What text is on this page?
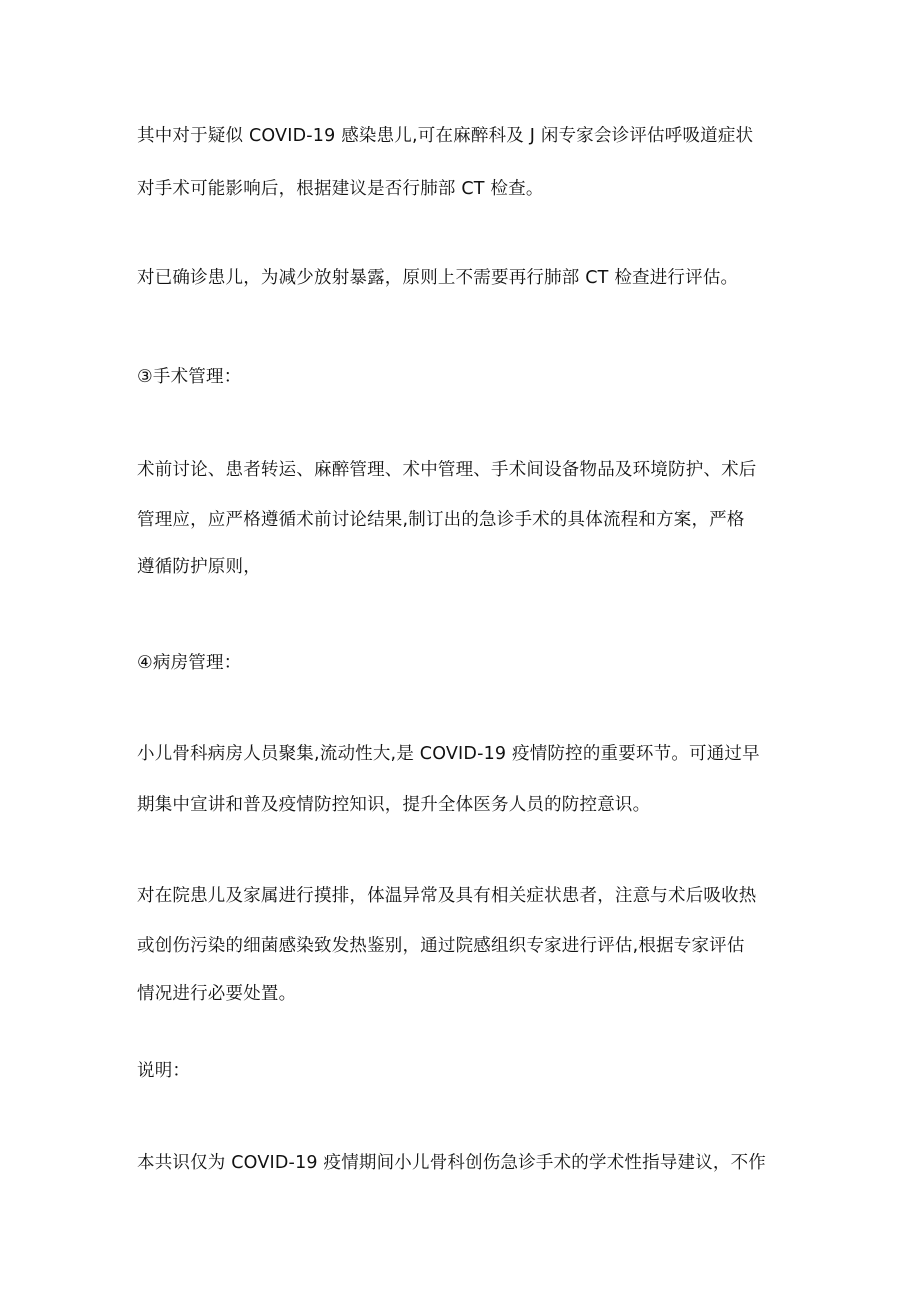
其中对于疑似 COVID-19 感染患儿,可在麻醉科及 J 闲专家会诊评估呼吸道症状
对手术可能影响后，根据建议是否行肺部 CT 检查。
对已确诊患儿，为减少放射暴露，原则上不需要再行肺部 CT 检查进行评估。
③手术管理：
术前讨论、患者转运、麻醉管理、术中管理、手术间设备物品及环境防护、术后
管理应，应严格遵循术前讨论结果,制订出的急诊手术的具体流程和方案，严格
遵循防护原则，
④病房管理：
小儿骨科病房人员聚集,流动性大,是 COVID-19 疫情防控的重要环节。可通过早
期集中宣讲和普及疫情防控知识，提升全体医务人员的防控意识。
对在院患儿及家属进行摸排，体温异常及具有相关症状患者，注意与术后吸收热
或创伤污染的细菌感染致发热鉴别，通过院感组织专家进行评估,根据专家评估
情况进行必要处置。
说明：
本共识仅为 COVID-19 疫情期间小儿骨科创伤急诊手术的学术性指导建议，不作
